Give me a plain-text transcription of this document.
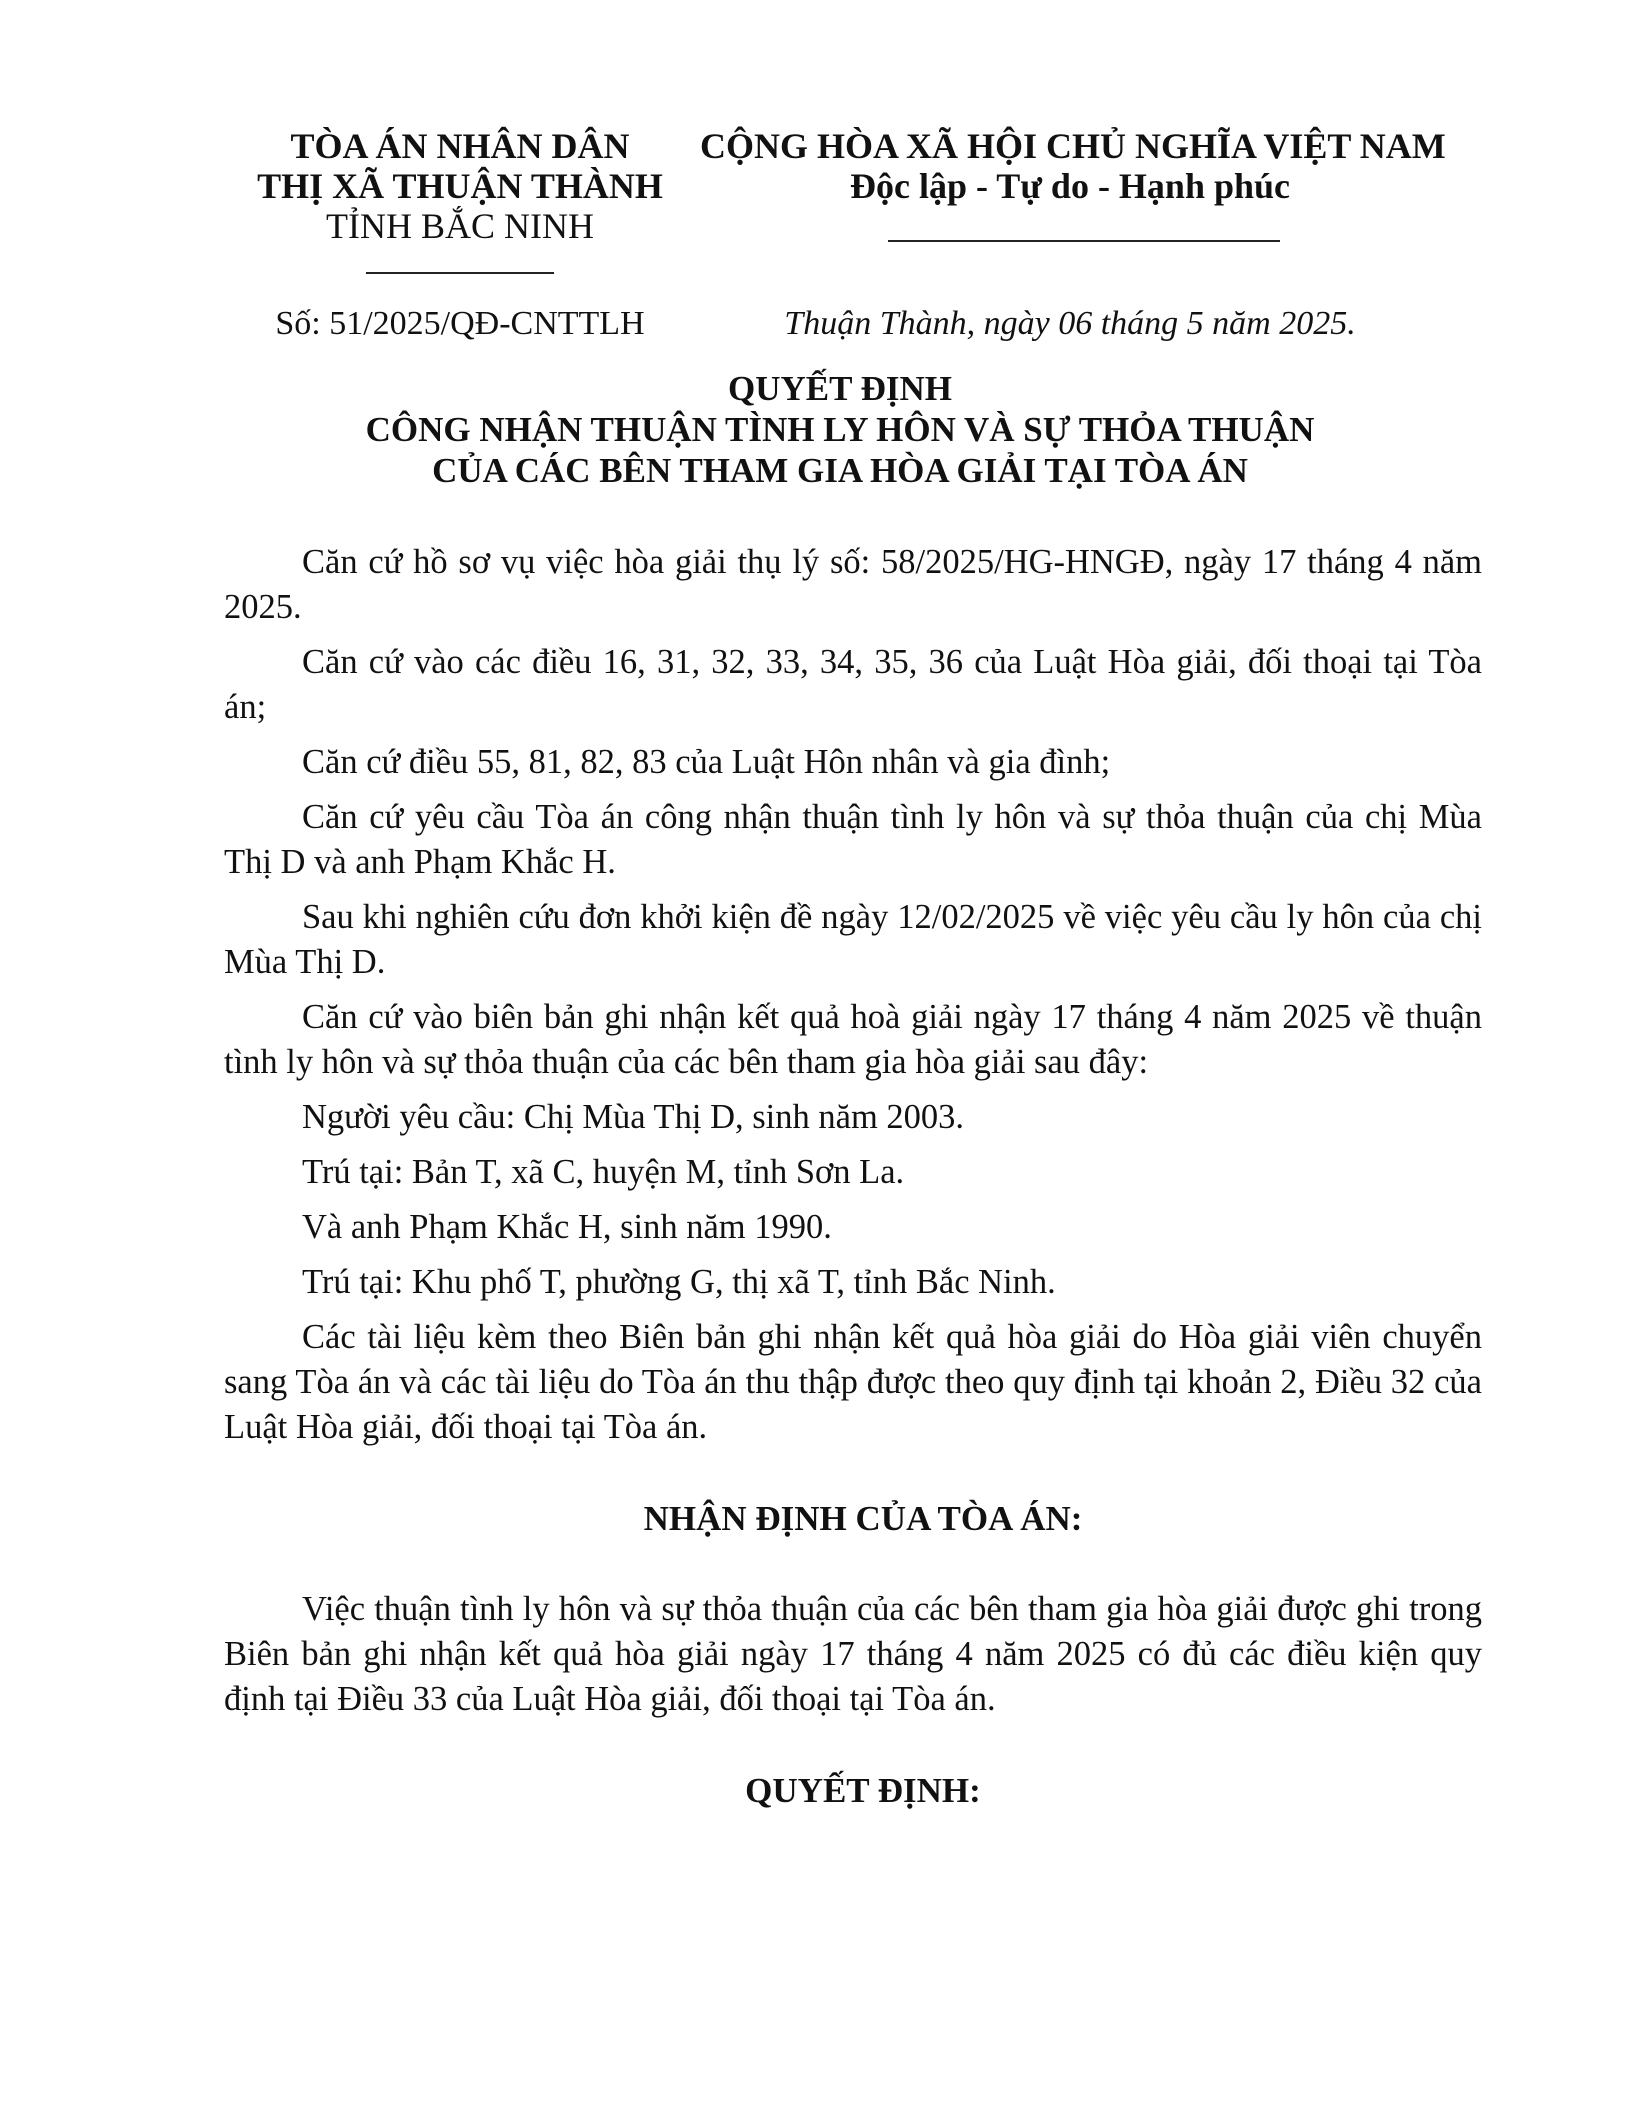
TÒA ÁN NHÂN DÂN
THỊ XÃ THUẬN THÀNH
TỈNH BẮC NINH
CỘNG HÒA XÃ HỘI CHỦ NGHĨA VIỆT NAM
Độc lập - Tự do - Hạnh phúc
Số: 51/2025/QĐ-CNTTLH	Thuận Thành, ngày 06 tháng 5 năm 2025.
QUYẾT ĐỊNH
CÔNG NHẬN THUẬN TÌNH LY HÔN VÀ SỰ THỎA THUẬN
CỦA CÁC BÊN THAM GIA HÒA GIẢI TẠI TÒA ÁN

Căn cứ hồ sơ vụ việc hòa giải thụ lý số: 58/2025/HG-HNGĐ, ngày 17 tháng 4 năm 2025.

Căn cứ vào các điều 16, 31, 32, 33, 34, 35, 36 của Luật Hòa giải, đối thoại tại Tòa án;

Căn cứ điều 55, 81, 82, 83 của Luật Hôn nhân và gia đình;

Căn cứ yêu cầu Tòa án công nhận thuận tình ly hôn và sự thỏa thuận của chị Mùa Thị D và anh Phạm Khắc H.

Sau khi nghiên cứu đơn khởi kiện đề ngày 12/02/2025 về việc yêu cầu ly hôn của chị Mùa Thị D.

Căn cứ vào biên bản ghi nhận kết quả hoà giải ngày 17 tháng 4 năm 2025 về thuận tình ly hôn và sự thỏa thuận của các bên tham gia hòa giải sau đây:

Người yêu cầu: Chị Mùa Thị D, sinh năm 2003.

Trú tại: Bản T, xã C, huyện M, tỉnh Sơn La.

Và anh Phạm Khắc H, sinh năm 1990.

Trú tại: Khu phố T, phường G, thị xã T, tỉnh Bắc Ninh.

Các tài liệu kèm theo Biên bản ghi nhận kết quả hòa giải do Hòa giải viên chuyển sang Tòa án và các tài liệu do Tòa án thu thập được theo quy định tại khoản 2, Điều 32 của Luật Hòa giải, đối thoại tại Tòa án.

NHẬN ĐỊNH CỦA TÒA ÁN:

Việc thuận tình ly hôn và sự thỏa thuận của các bên tham gia hòa giải được ghi trong Biên bản ghi nhận kết quả hòa giải ngày 17 tháng 4 năm 2025 có đủ các điều kiện quy định tại Điều 33 của Luật Hòa giải, đối thoại tại Tòa án.

QUYẾT ĐỊNH:
